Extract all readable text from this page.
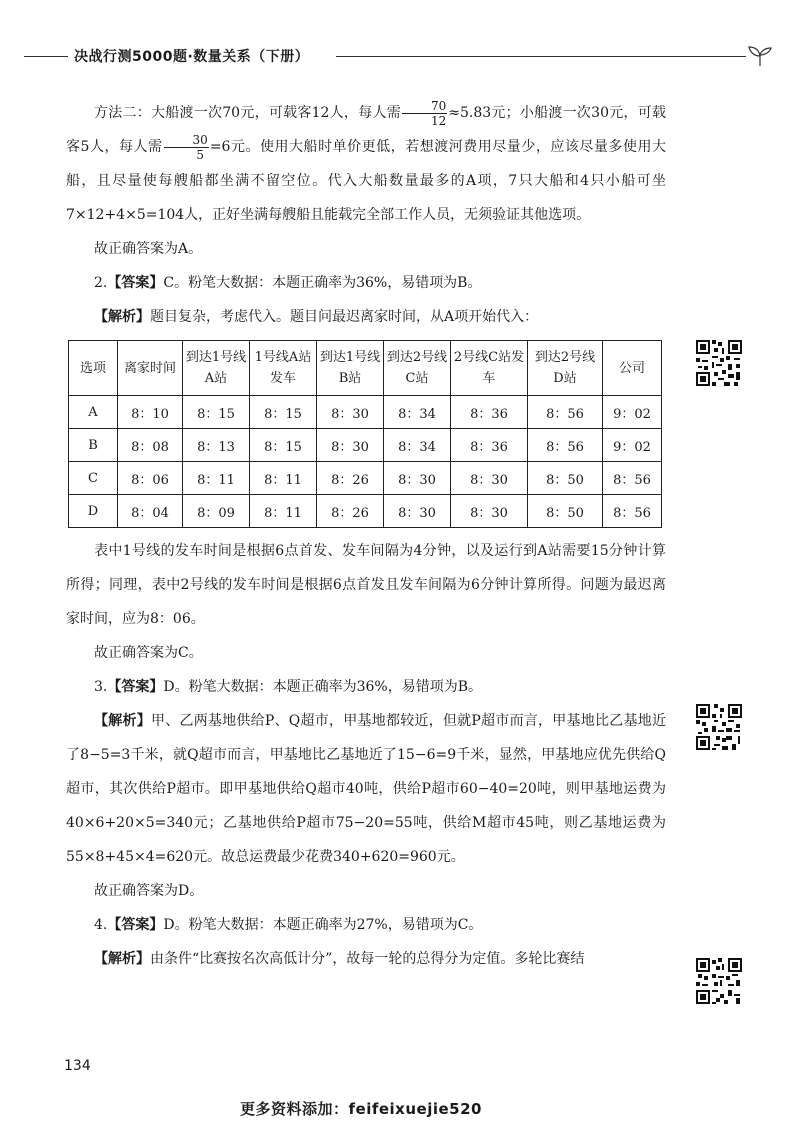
决战行测5000题·数量关系（下册）

方法二：大船渡一次70元，可载客12人，每人需 $\frac{70}{12} \approx 5.83$元；小船渡一次30元，可载客5人，每人需 $\frac{30}{5} =6$元。使用大船时单价更低，若想渡河费用尽量少，应该尽量多使用大船，且尽量使每艘船都坐满不留空位。代入大船数量最多的A项，7只大船和4只小船可坐7×12+4×5=104人，正好坐满每艘船且能载完全部工作人员，无须验证其他选项。

故正确答案为A。

2.【答案】C。粉笔大数据：本题正确率为36%，易错项为B。

【解析】题目复杂，考虑代入。题目问最迟离家时间，从A项开始代入：

选项	离家时间	到达1号线A站	1号线A站发车	到达1号线B站	到达2号线C站	2号线C站发车	到达2号线D站	公司
A	8：10	8：15	8：15	8：30	8：34	8：36	8：56	9：02
B	8：08	8：13	8：15	8：30	8：34	8：36	8：56	9：02
C	8：06	8：11	8：11	8：26	8：30	8：30	8：50	8：56
D	8：04	8：09	8：11	8：26	8：30	8：30	8：50	8：56

表中1号线的发车时间是根据6点首发、发车间隔为4分钟，以及运行到A站需要15分钟计算所得；同理，表中2号线的发车时间是根据6点首发且发车间隔为6分钟计算所得。问题为最迟离家时间，应为8：06。

故正确答案为C。

3.【答案】D。粉笔大数据：本题正确率为36%，易错项为B。

【解析】甲、乙两基地供给P、Q超市，甲基地都较近，但就P超市而言，甲基地比乙基地近了8−5=3千米，就Q超市而言，甲基地比乙基地近了15−6=9千米，显然，甲基地应优先供给Q超市，其次供给P超市。即甲基地供给Q超市40吨，供给P超市60−40=20吨，则甲基地运费为40×6+20×5=340元；乙基地供给P超市75−20=55吨，供给M超市45吨，则乙基地运费为55×8+45×4=620元。故总运费最少花费340+620=960元。

故正确答案为D。

4.【答案】D。粉笔大数据：本题正确率为27%，易错项为C。

【解析】由条件“比赛按名次高低计分”，故每一轮的总得分为定值。多轮比赛结

134
更多资料添加：feifeixuejie520
